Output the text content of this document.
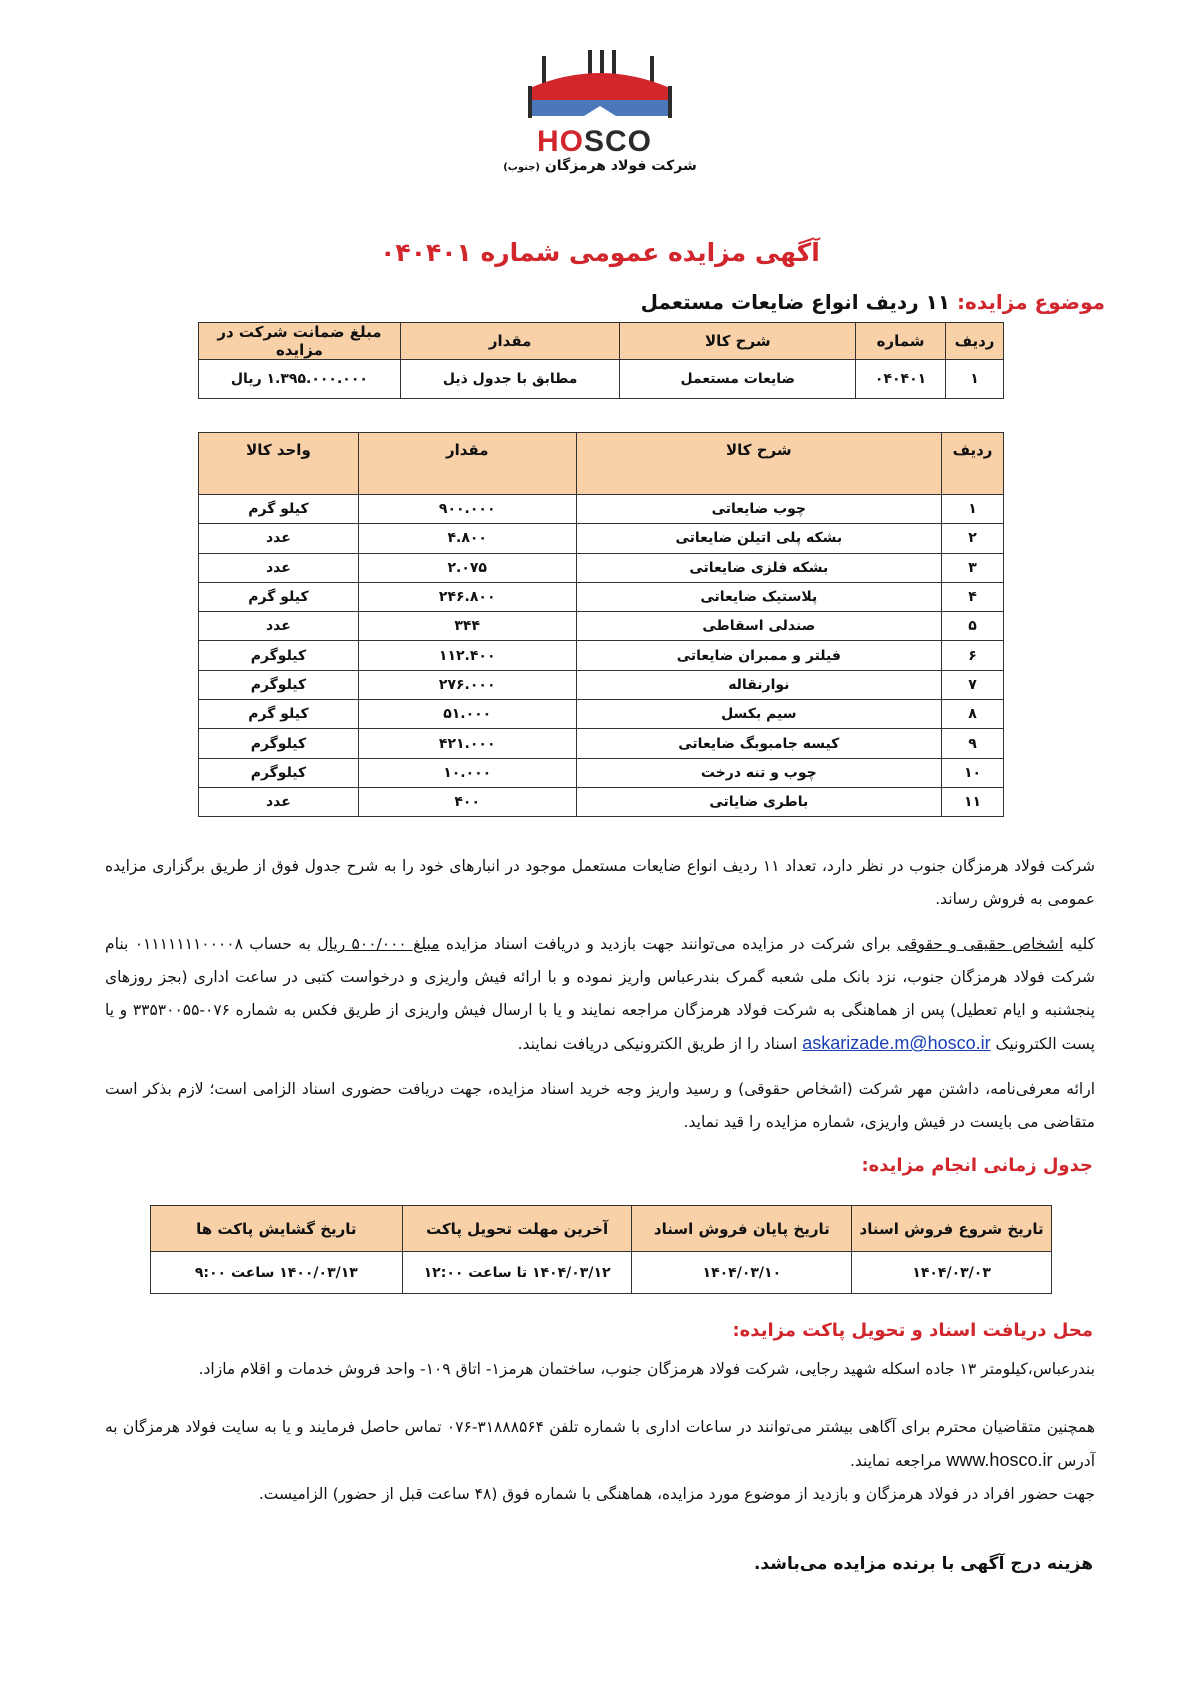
HOSCO
شرکت فولاد هرمزگان (جنوب)
آگهی مزایده عمومی شماره ۰۴۰۴۰۱
موضوع مزایده: ۱۱ ردیف انواع ضایعات مستعمل
ردیف	شماره	شرح کالا	مقدار	مبلغ ضمانت شرکت در مزایده
۱	۰۴۰۴۰۱	ضایعات مستعمل	مطابق با جدول ذیل	۱.۳۹۵.۰۰۰.۰۰۰ ریال
ردیف	شرح کالا	مقدار	واحد کالا
۱	چوب ضایعاتی	۹۰۰.۰۰۰	کیلو گرم
۲	بشکه پلی اتیلن ضایعاتی	۴.۸۰۰	عدد
۳	بشکه فلزی ضایعاتی	۲.۰۷۵	عدد
۴	پلاستیک ضایعاتی	۲۴۶.۸۰۰	کیلو گرم
۵	صندلی اسقاطی	۳۴۴	عدد
۶	فیلتر و ممبران ضایعاتی	۱۱۲.۴۰۰	کیلوگرم
۷	نوارنقاله	۲۷۶.۰۰۰	کیلوگرم
۸	سیم بکسل	۵۱.۰۰۰	کیلو گرم
۹	کیسه جامبوبگ ضایعاتی	۴۲۱.۰۰۰	کیلوگرم
۱۰	چوب و تنه درخت	۱۰.۰۰۰	کیلوگرم
۱۱	باطری ضایاتی	۴۰۰	عدد
شرکت فولاد هرمزگان جنوب در نظر دارد، تعداد ۱۱ ردیف انواع ضایعات مستعمل موجود در انبارهای خود را به شرح جدول فوق از طریق برگزاری مزایده عمومی به فروش رساند.
کلیه اشخاص حقیقی و حقوقی برای شرکت در مزایده می‌توانند جهت بازدید و دریافت اسناد مزایده مبلغ ۵۰۰/۰۰۰ ریال به حساب ۰۱۱۱۱۱۱۱۰۰۰۰۸ بنام شرکت فولاد هرمزگان جنوب، نزد بانک ملی شعبه گمرک بندرعباس واریز نموده و با ارائه فیش واریزی و درخواست کتبی در ساعت اداری (بجز روزهای پنجشنبه و ایام تعطیل) پس از هماهنگی به شرکت فولاد هرمزگان مراجعه نمایند و یا با ارسال فیش واریزی از طریق فکس به شماره ۰۷۶-۳۳۵۳۰۰۵۵ و یا پست الکترونیک askarizade.m@hosco.ir اسناد را از طریق الکترونیکی دریافت نمایند.
ارائه معرفی‌نامه، داشتن مهر شرکت (اشخاص حقوقی) و رسید واریز وجه خرید اسناد مزایده، جهت دریافت حضوری اسناد الزامی است؛ لازم بذکر است متقاضی می بایست در فیش واریزی، شماره مزایده را قید نماید.
جدول زمانی انجام مزایده:
تاریخ شروع فروش اسناد	تاریخ پایان فروش اسناد	آخرین مهلت تحویل پاکت	تاریخ گشایش پاکت ها
۱۴۰۴/۰۳/۰۳	۱۴۰۴/۰۳/۱۰	۱۴۰۴/۰۳/۱۲ تا ساعت ۱۲:۰۰	۱۴۰۰/۰۳/۱۳ ساعت ۹:۰۰
محل دریافت اسناد و تحویل پاکت مزایده:
بندرعباس،کیلومتر ۱۳ جاده اسکله شهید رجایی، شرکت فولاد هرمزگان جنوب، ساختمان هرمز۱- اتاق ۱۰۹- واحد فروش خدمات و اقلام مازاد.
همچنین متقاضیان محترم برای آگاهی بیشتر می‌توانند در ساعات اداری با شماره تلفن ۳۱۸۸۸۵۶۴-۰۷۶ تماس حاصل فرمایند و یا به سایت فولاد هرمزگان به آدرس www.hosco.ir مراجعه نمایند.
جهت حضور افراد در فولاد هرمزگان و بازدید از موضوع مورد مزایده، هماهنگی با شماره فوق (۴۸ ساعت قبل از حضور) الزامیست.
هزینه درج آگهی با برنده مزایده می‌باشد.
